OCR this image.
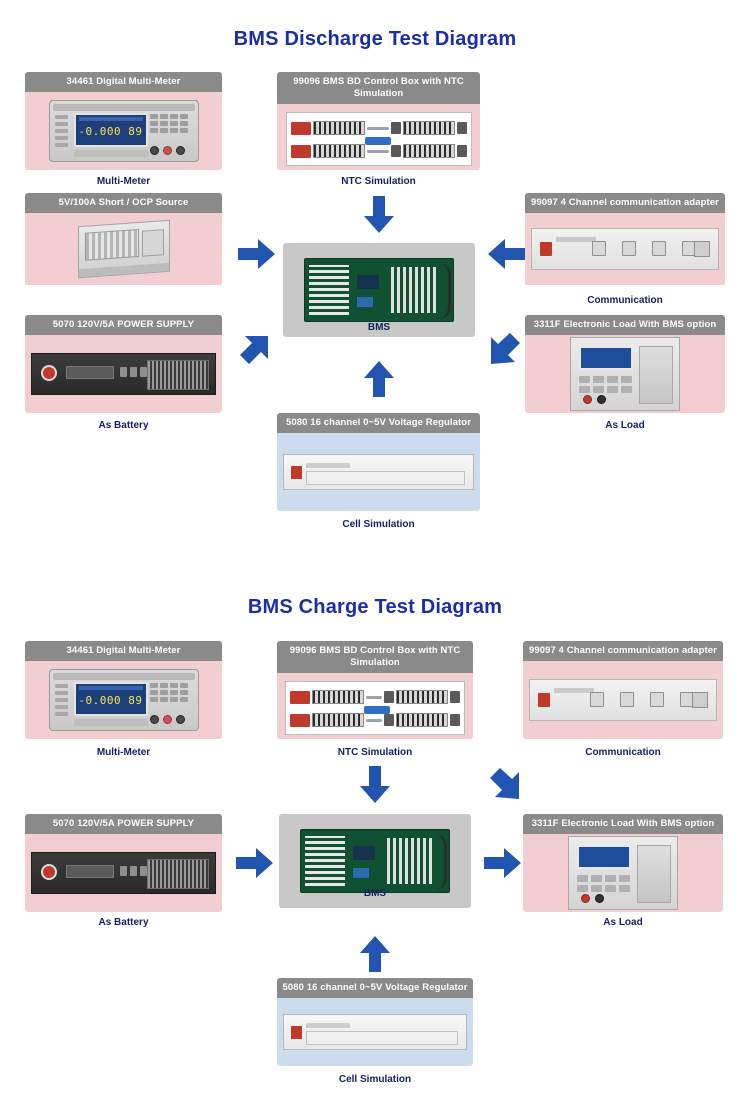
BMS Discharge Test Diagram
34461 Digital Multi-Meter
-0.000 89
Multi-Meter
99096 BMS BD Control Box with NTC Simulation
NTC Simulation
5V/100A Short / OCP Source
BMS
99097 4 Channel communication adapter
Communication
5070 120V/5A POWER SUPPLY
As Battery
3311F Electronic Load With BMS option
As Load
5080 16 channel 0~5V Voltage Regulator
Cell Simulation
BMS Charge Test Diagram
34461 Digital Multi-Meter
-0.000 89
Multi-Meter
99096 BMS BD Control Box with NTC Simulation
NTC Simulation
99097 4 Channel communication adapter
Communication
5070 120V/5A POWER SUPPLY
As Battery
BMS
3311F Electronic Load With BMS option
As Load
5080 16 channel 0~5V Voltage Regulator
Cell Simulation
